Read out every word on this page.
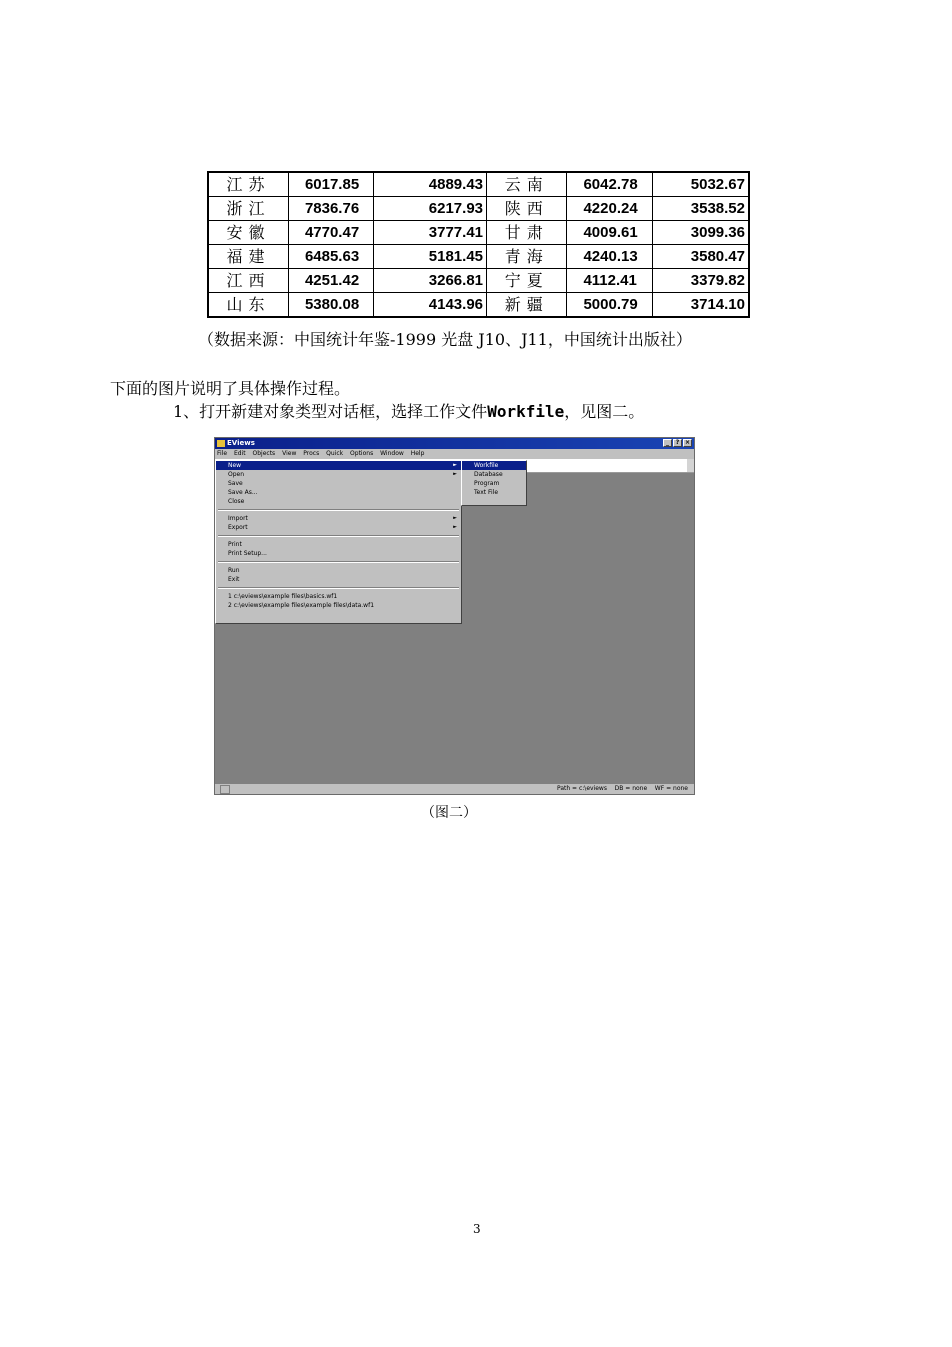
江苏	6017.85	4889.43	云南	6042.78	5032.67
浙江	7836.76	6217.93	陕西	4220.24	3538.52
安徽	4770.47	3777.41	甘肃	4009.61	3099.36
福建	6485.63	5181.45	青海	4240.13	3580.47
江西	4251.42	3266.81	宁夏	4112.41	3379.82
山东	5380.08	4143.96	新疆	5000.79	3714.10
（数据来源：中国统计年鉴-1999 光盘 J10、J11，中国统计出版社）
下面的图片说明了具体操作过程。
1、打开新建对象类型对话框，选择工作文件Workfile，见图二。
EViews	_	? ×
File Edit Objects View Procs Quick Options Window Help
New	►
Open	►
Save
Save As...
Close
Import	►
Export	►
Print
Print Setup...
Run
Exit
1 c:\eviews\example files\basics.wf1
2 c:\eviews\example files\example files\data.wf1
Workfile
Database
Program
Text File
Path = c:\eviews DB = none WF = none
（图二）
3
